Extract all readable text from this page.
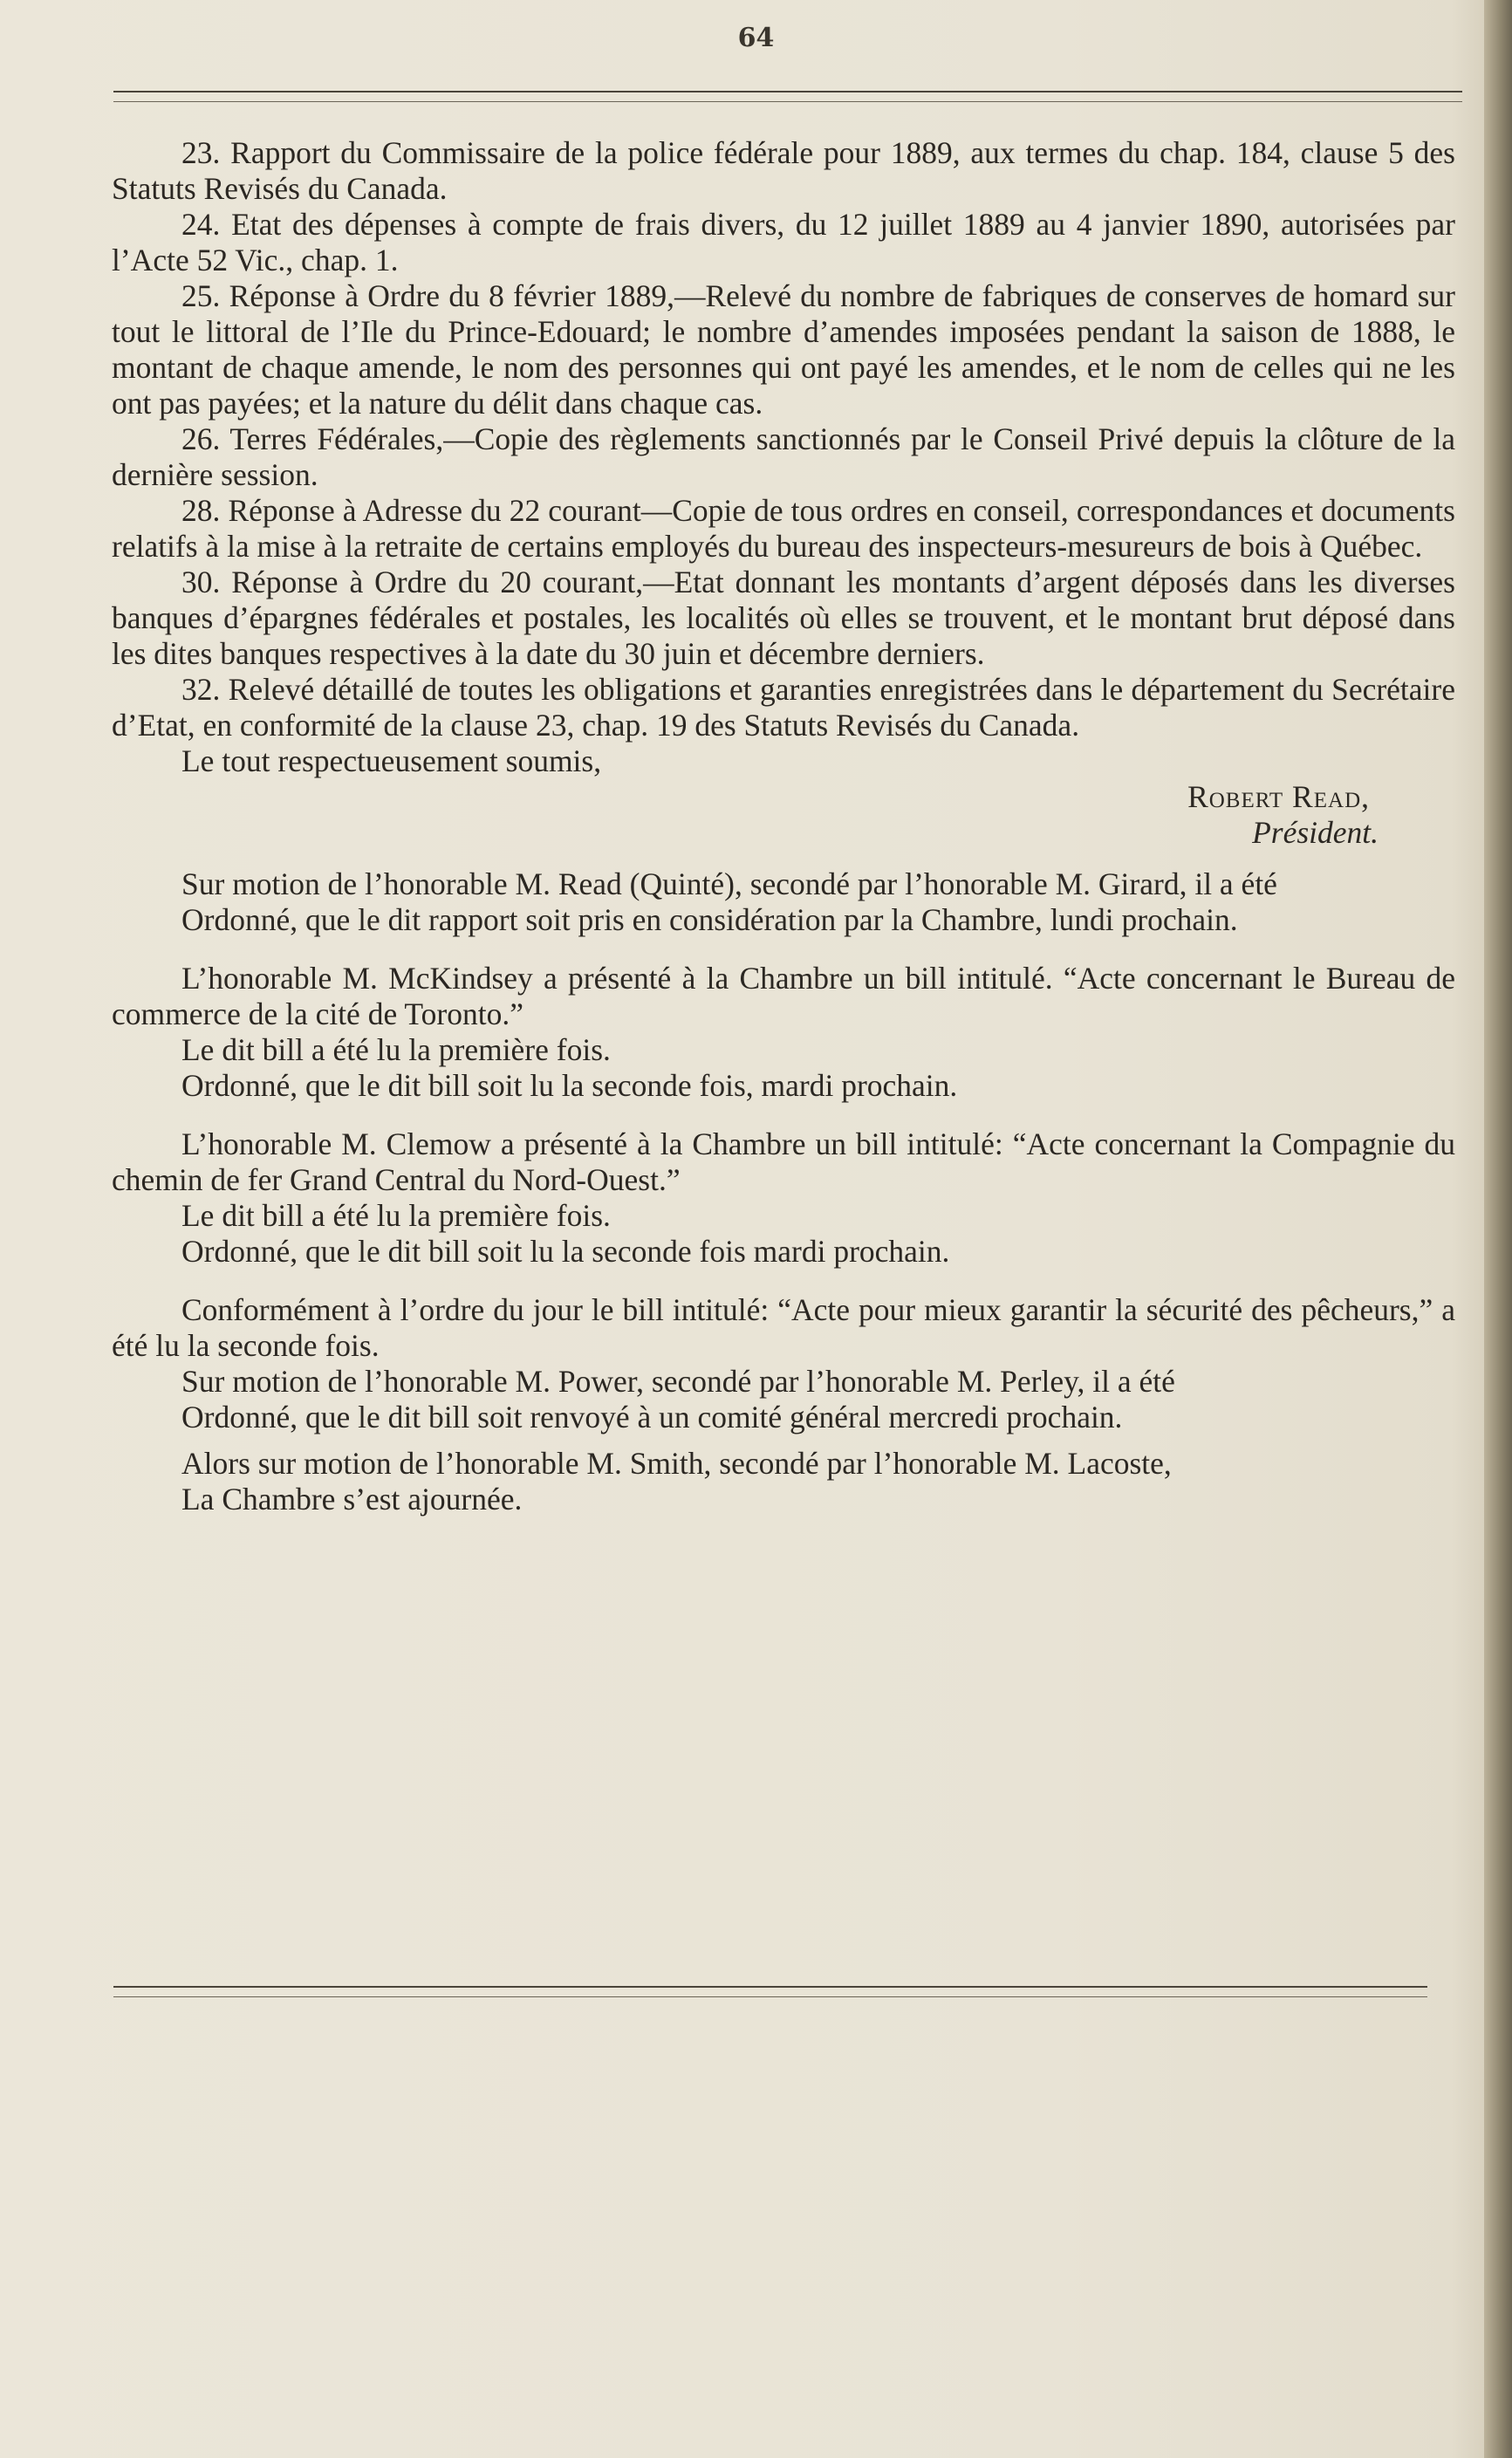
64

23. Rapport du Commissaire de la police fédérale pour 1889, aux termes du chap. 184, clause 5 des Statuts Revisés du Canada.

24. Etat des dépenses à compte de frais divers, du 12 juillet 1889 au 4 janvier 1890, autorisées par l’Acte 52 Vic., chap. 1.

25. Réponse à Ordre du 8 février 1889,—Relevé du nombre de fabriques de conserves de homard sur tout le littoral de l’Ile du Prince-Edouard; le nombre d’amendes imposées pendant la saison de 1888, le montant de chaque amende, le nom des personnes qui ont payé les amendes, et le nom de celles qui ne les ont pas payées; et la nature du délit dans chaque cas.

26. Terres Fédérales,—Copie des règlements sanctionnés par le Conseil Privé depuis la clôture de la dernière session.

28. Réponse à Adresse du 22 courant—Copie de tous ordres en conseil, correspondances et documents relatifs à la mise à la retraite de certains employés du bureau des inspecteurs-mesureurs de bois à Québec.

30. Réponse à Ordre du 20 courant,—Etat donnant les montants d’argent déposés dans les diverses banques d’épargnes fédérales et postales, les localités où elles se trouvent, et le montant brut déposé dans les dites banques respectives à la date du 30 juin et décembre derniers.

32. Relevé détaillé de toutes les obligations et garanties enregistrées dans le département du Secrétaire d’Etat, en conformité de la clause 23, chap. 19 des Statuts Revisés du Canada.

Le tout respectueusement soumis,

Robert Read,

Président.

Sur motion de l’honorable M. Read (Quinté), secondé par l’honorable M. Girard, il a été

Ordonné, que le dit rapport soit pris en considération par la Chambre, lundi prochain.

L’honorable M. McKindsey a présenté à la Chambre un bill intitulé. “Acte concernant le Bureau de commerce de la cité de Toronto.”

Le dit bill a été lu la première fois.

Ordonné, que le dit bill soit lu la seconde fois, mardi prochain.

L’honorable M. Clemow a présenté à la Chambre un bill intitulé: “Acte concernant la Compagnie du chemin de fer Grand Central du Nord-Ouest.”

Le dit bill a été lu la première fois.

Ordonné, que le dit bill soit lu la seconde fois mardi prochain.

Conformément à l’ordre du jour le bill intitulé: “Acte pour mieux garantir la sécurité des pêcheurs,” a été lu la seconde fois.

Sur motion de l’honorable M. Power, secondé par l’honorable M. Perley, il a été

Ordonné, que le dit bill soit renvoyé à un comité général mercredi prochain.

Alors sur motion de l’honorable M. Smith, secondé par l’honorable M. Lacoste,

La Chambre s’est ajournée.
